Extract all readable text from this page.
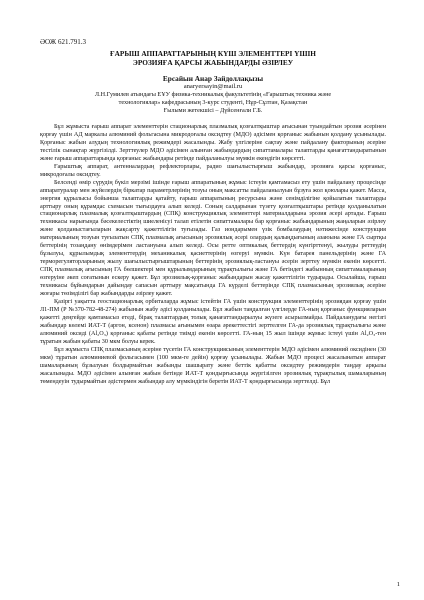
ӘОЖ 621.791.3
ҒАРЫШ АППАРАТТАРЫНЫҢ КҮШ ЭЛЕМЕНТТЕРІ ҮШІН
ЭРОЗИЯҒА ҚАРСЫ ЖАБЫНДАРДЫ ӘЗІРЛЕУ
Ерсайын Анар Зайдоллақызы
anaryersayin@mail.ru
Л.Н.Гумилев атындағы ЕҰУ физика-техникалық факультетінің «Ғарыштық техника және
технологиялар» кафедрасының 3-курс студенті, Нұр-Сұлтан, Қазақстан
Ғылыми жетекшісі – Дүйсенғали Г.Б.

Бұл жұмыста ғарыш аппарат элементтерін стационарлық плазмалық қозғалтқыштар ағысынан туындайтын эрозия әсерінен қорғау үшін АД маркалы алюминий фольгасына микродоғалы оксидтеу (МДО) әдісімен қорғаныс жабынын қолдану ұсынылады. Қорғаныс жабын алудың технологиялық режимдері жасалынды. Жабу үлгілеріне сақтау және пайдалану факторының әсеріне тестілік сынақтар жүргізілді. Зерттеулер МДО әдісімен алынған жабындардың сипаттамалары талаптарды қанағаттандыратынын және ғарыш аппараттарында қорғаныс жабындары ретінде пайдаланылуы мүмкін екендігін көрсетті.

Ғарыштық аппарат, антенналардың рефлекторлары, радио шағылыстырғыш жабындар, эрозияға қарсы қорғаныс, микродоғалы оксидтеу.

Белсенді өмір сүрудің бүкіл мерзімі ішінде ғарыш аппаратының жұмыс істеуін қамтамасыз ету үшін пайдалану процесінде аппаратуралар мен жүйелердің біркатар параметрлерінің тозуы оның максатты пайдаланылуын бұзуға жол қоюлары қажет. Масса, энергия құрылысы бойынша талаптарды қатайту, ғарыш аппаратының ресурсына және сенімділігіне қойылатын талаптарды арттыру оның құрамдас схемасын тығыздауға алып келеді. Соның салдарынан түзету қозғалтқыштары ретінде қолданылатын стационарлық плазмалық қозғалтқыштардың (СПҚ) конструкциялық элементтері материалдарына эрозия әсері артады. Ғарыш техникасы нарығында бәсекелестіктің шиеленісуі талап етілетін сипаттамалары бар қорғаныс жабындарының жаңаларын әзірлеу және қолданыстағыларын жақсарту қажеттілігін туғызады. Газ иондарымен үзік бомбалаудың нәтижесінде конструкция материалының тозуын туғызатын СПҚ плазмалық ағысының эрозиялық әсері олардың қалыңдығының азаюына және ГА сыртқы беттерінің тозаңдану өнімдерімен ластануына алып келеді. Осы ретте оптикалық беттердің күнгірттенуі, жылуды реттеудің бұзылуы, құрылымдық элементтердің механикалық қасиеттерінің өзгеруі мүмкін. Күн батарея панельдерінің және ГА терморегуляторларының жылу шағылыстырғыштарының беттерінің эрозиялық-ластануы әсерін зерттеу мүмкін екенін көрсетті. СПҚ плазмалық ағысының ГА бөлшектері мен құрылымдарының тұрақтылығы және ГА бетіндегі жабынның сипаттамаларының өзгеруіне әкеп соғатынын ескеру қажет. Бұл эрозиялық-қорғаныс жабындарын жасау қажеттілігін тудырады. Осылайша, ғарыш техникасы бұйымдарын дайындау сапасын арттыру мақсатында ГА күрделі беттерінде СПҚ плазмасының эрозиялық әсеріне жоғары төзімділігі бар жабындарды әзірлеу қажет.

Қазіргі уақытта геостационарлық орбиталарда жұмыс істейтін ГА үшін конструкция элементтерінің эрозиядан қорғау үшін Л1-ПМ (Р №370-782-48-274) жабынын жабу әдісі қолданылады. Бұл жабын таңдалған үлгілерде ГА-ның қорғаныс функцияларын қажетті деңгейде қамтамасыз етеді, бірақ талаптардың толық қанағаттандырылуы жүзеге асырылмайды. Пайдаланудағы негізгі жабындар көлемі ИАТ-Т (аргон, ксенон) плазмасы ағынымен өзара әрекеттестігі зерттелген ГА-да эрозиялық тұрақтылығы және алюминий оксиді (Al₂O₃) қорғаныс қабаты ретінде тиімді екенін көрсетті. ГА-ның 15 жыл ішінде жұмыс істеуі үшін Al₂O₃-тен тұратын жабын қабаты 30 мкм болуы керек.

Бұл жұмыста СПҚ плазмасының әсеріне түсетін ГА конструкциясының элементтерін МДО әдісімен алюминий оксидінен (30 мкм) тұратын алюминиевой фольгасымен (100 мкм-ге дейін) қорғау ұсынылады. Жабын МДО процесі жасалынатын аппарат шамаларының бұзылуын болдырмайтын жабынды шашырату және беттік қабатты оксидтеу режимдерін таңдау арқылы жасалынады. МДО әдісімен алынған жабын бетінде ИАТ-Т қондырғысында жүргізілген эрозиялық тұрақтылық шамаларының төмендеуін тудырмайтын әдістермен жабындар алу мүмкіндігін беретін ИАТ-Т қондырғысында зерттелді. Бұл

1
